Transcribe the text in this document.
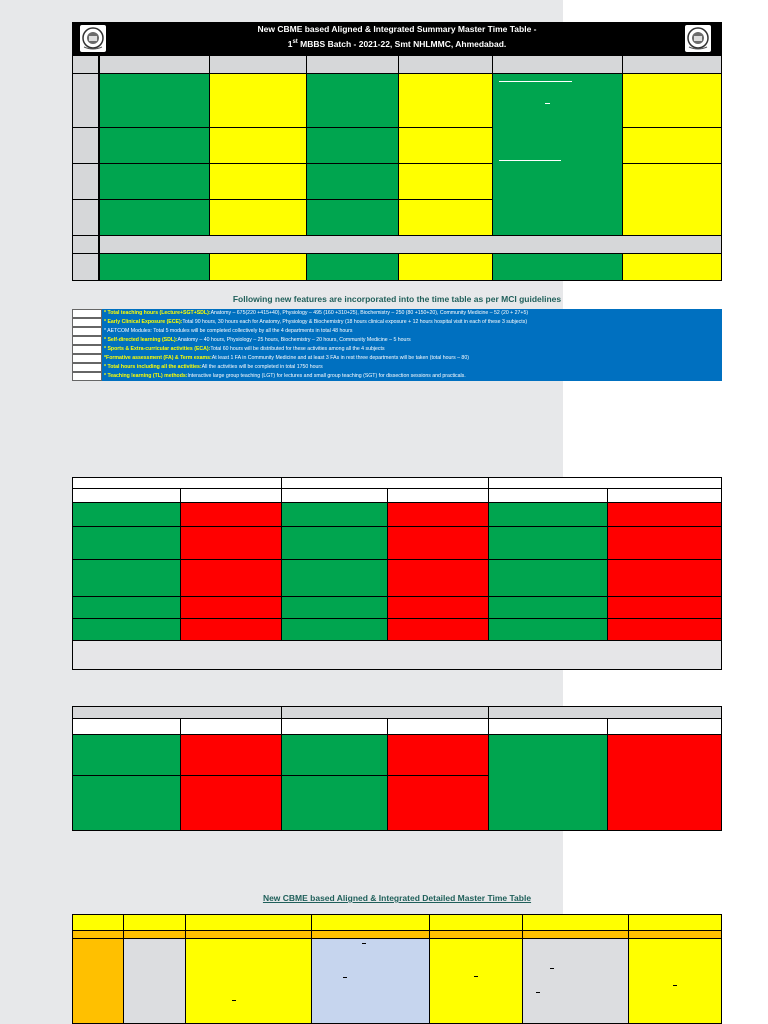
New CBME based Aligned & Integrated Summary Master Time Table -
1st MBBS Batch - 2021-22, Smt NHLMMC, Ahmedabad.
Following new features are incorporated into the time table as per MCI guidelines
* Total teaching hours (Lecture+SGT+SDL):Anatomy – 675(220 +415+40), Physiology – 495 (160 +310+25), Biochemistry – 250 (80 +150+20), Community Medicine – 52 (20 + 27+5)
* Early Clinical Exposure (ECE):Total 90 hours, 30 hours each for Anatomy, Physiology & Biochemistry (18 hours clinical exposure + 12 hours hospital visit in each of these 3 subjects)
* AETCOM Modules: Total 5 modules will be completed collectively by all the 4 departments in total 48 hours
* Self-directed learning (SDL):Anatomy – 40 hours, Physiology – 25 hours, Biochemistry – 20 hours, Community Medicine – 5 hours
* Sports & Extra-curricular activities (ECA):Total 60 hours will be distributed for these activities among all the 4 subjects
*Formative assessment (FA) & Term exams:At least 1 FA in Community Medicine and at least 3 FAs in rest three departments will be taken (total hours – 80)
* Total hours including all the activities:All the activities will be completed in total 1750 hours
* Teaching learning (TL) methods:Interactive large group teaching (LGT) for lectures and small group teaching (SGT) for dissection sessions and practicals.
New CBME based Aligned & Integrated Detailed Master Time Table
